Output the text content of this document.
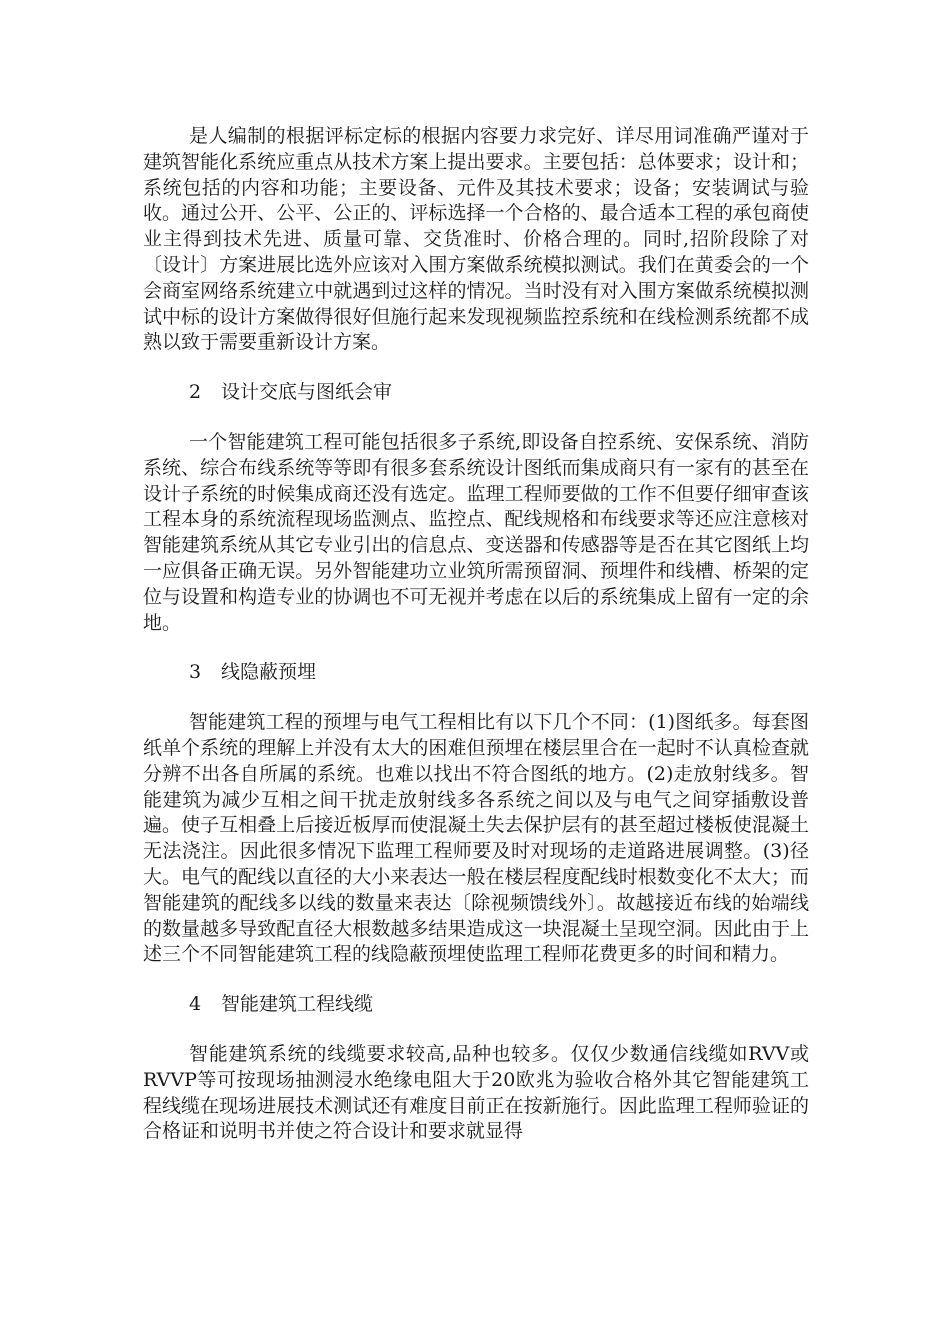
是人编制的根据评标定标的根据内容要力求完好、详尽用词准确严谨对于建筑智能化系统应重点从技术方案上提出要求。主要包括：总体要求；设计和；系统包括的内容和功能；主要设备、元件及其技术要求；设备；安装调试与验收。通过公开、公平、公正的、评标选择一个合格的、最合适本工程的承包商使业主得到技术先进、质量可靠、交货准时、价格合理的。同时,招阶段除了对〔设计〕方案进展比选外应该对入围方案做系统模拟测试。我们在黄委会的一个会商室网络系统建立中就遇到过这样的情况。当时没有对入围方案做系统模拟测试中标的设计方案做得很好但施行起来发现视频监控系统和在线检测系统都不成熟以致于需要重新设计方案。

2 设计交底与图纸会审

一个智能建筑工程可能包括很多子系统,即设备自控系统、安保系统、消防系统、综合布线系统等等即有很多套系统设计图纸而集成商只有一家有的甚至在设计子系统的时候集成商还没有选定。监理工程师要做的工作不但要仔细审查该工程本身的系统流程现场监测点、监控点、配线规格和布线要求等还应注意核对智能建筑系统从其它专业引出的信息点、变送器和传感器等是否在其它图纸上均一应俱备正确无误。另外智能建功立业筑所需预留洞、预埋件和线槽、桥架的定位与设置和构造专业的协调也不可无视并考虑在以后的系统集成上留有一定的余地。

3 线隐蔽预埋

智能建筑工程的预埋与电气工程相比有以下几个不同：(1)图纸多。每套图纸单个系统的理解上并没有太大的困难但预埋在楼层里合在一起时不认真检查就分辨不出各自所属的系统。也难以找出不符合图纸的地方。(2)走放射线多。智能建筑为减少互相之间干扰走放射线多各系统之间以及与电气之间穿插敷设普遍。使子互相叠上后接近板厚而使混凝土失去保护层有的甚至超过楼板使混凝土无法浇注。因此很多情况下监理工程师要及时对现场的走道路进展调整。(3)径大。电气的配线以直径的大小来表达一般在楼层程度配线时根数变化不太大；而智能建筑的配线多以线的数量来表达〔除视频馈线外〕。故越接近布线的始端线的数量越多导致配直径大根数越多结果造成这一块混凝土呈现空洞。因此由于上述三个不同智能建筑工程的线隐蔽预埋使监理工程师花费更多的时间和精力。

4 智能建筑工程线缆

智能建筑系统的线缆要求较高,品种也较多。仅仅少数通信线缆如RVV或RVVP等可按现场抽测浸水绝缘电阻大于20欧兆为验收合格外其它智能建筑工程线缆在现场进展技术测试还有难度目前正在按新施行。因此监理工程师验证的合格证和说明书并使之符合设计和要求就显得
